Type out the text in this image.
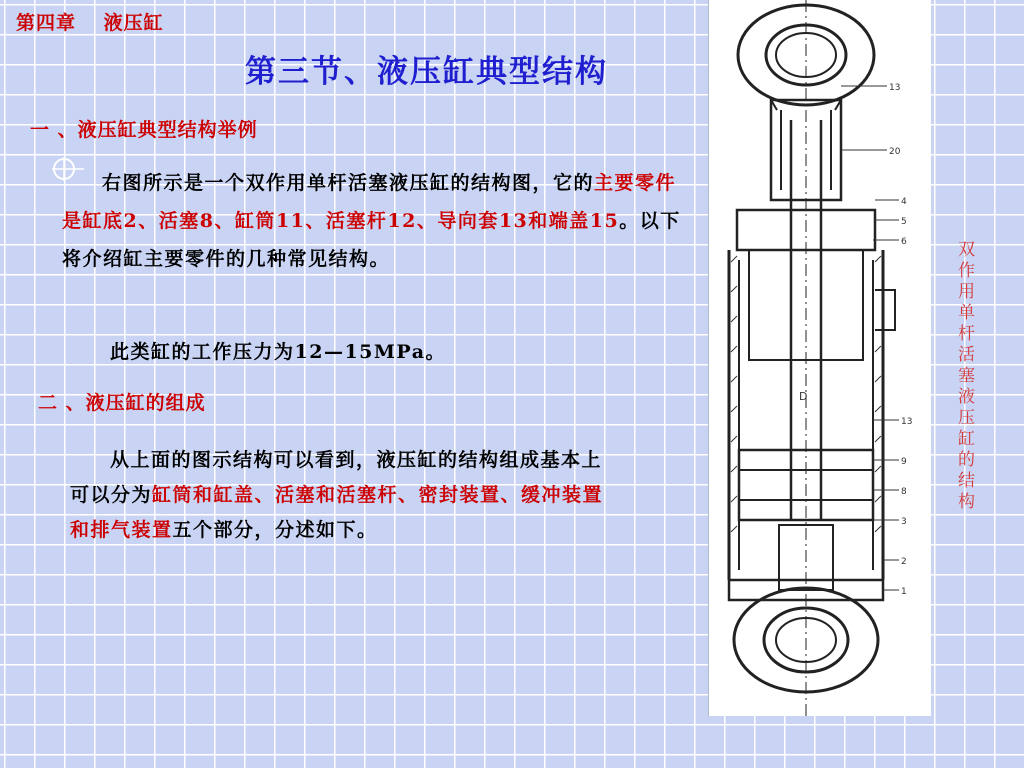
第四章　 液压缸
第三节、液压缸典型结构
一 、液压缸典型结构举例
右图所示是一个双作用单杆活塞液压缸的结构图，它的主要零件是缸底2、活塞8、缸筒11、活塞杆12、导向套13和端盖15。以下将介绍缸主要零件的几种常见结构。
此类缸的工作压力为12—15MPa。
二 、液压缸的组成
从上面的图示结构可以看到，液压缸的结构组成基本上可以分为缸筒和缸盖、活塞和活塞杆、密封装置、缓冲装置和排气装置五个部分，分述如下。
13
20
4
5
6
13
9
8
3
2
1
D	双作用单杆活塞液压缸的结构
